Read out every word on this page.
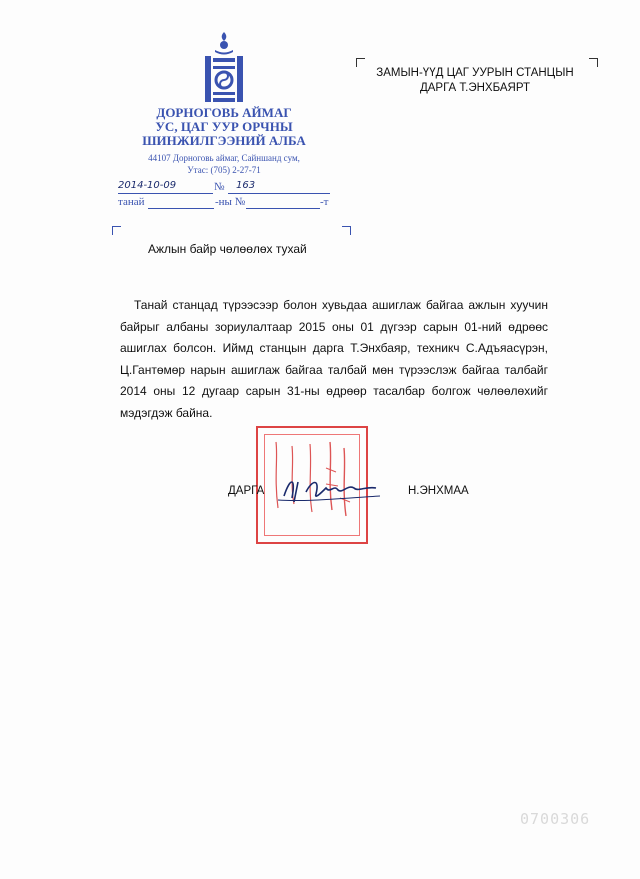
ДОРНОГОВЬ АЙМАГ
УС, ЦАГ УУР ОРЧНЫ
ШИНЖИЛГЭЭНИЙ АЛБА
44107 Дорноговь аймаг, Сайншанд сум,
Утас: (705) 2-27-71
2014-10-09	№ 163
танай	-ны №	-т
ЗАМЫН-ҮҮД ЦАГ УУРЫН СТАНЦЫН
ДАРГА Т.ЭНХБАЯРТ
Ажлын байр чөлөөлөх тухай
Танай станцад түрээсээр болон хувьдаа ашиглаж байгаа ажлын хуучин байрыг албаны зориулалтаар 2015 оны 01 дүгээр сарын 01-ний өдрөөс ашиглах болсон. Иймд станцын дарга Т.Энхбаяр, техникч С.Адъяасүрэн, Ц.Гантөмөр нарын ашиглаж байгаа талбай мөн түрээслэж байгаа талбайг 2014 оны 12 дугаар сарын 31-ны өдрөөр тасалбар болгож чөлөөлөхийг мэдэгдэж байна.
ДАРГА	Н.ЭНХМАА
0700306
